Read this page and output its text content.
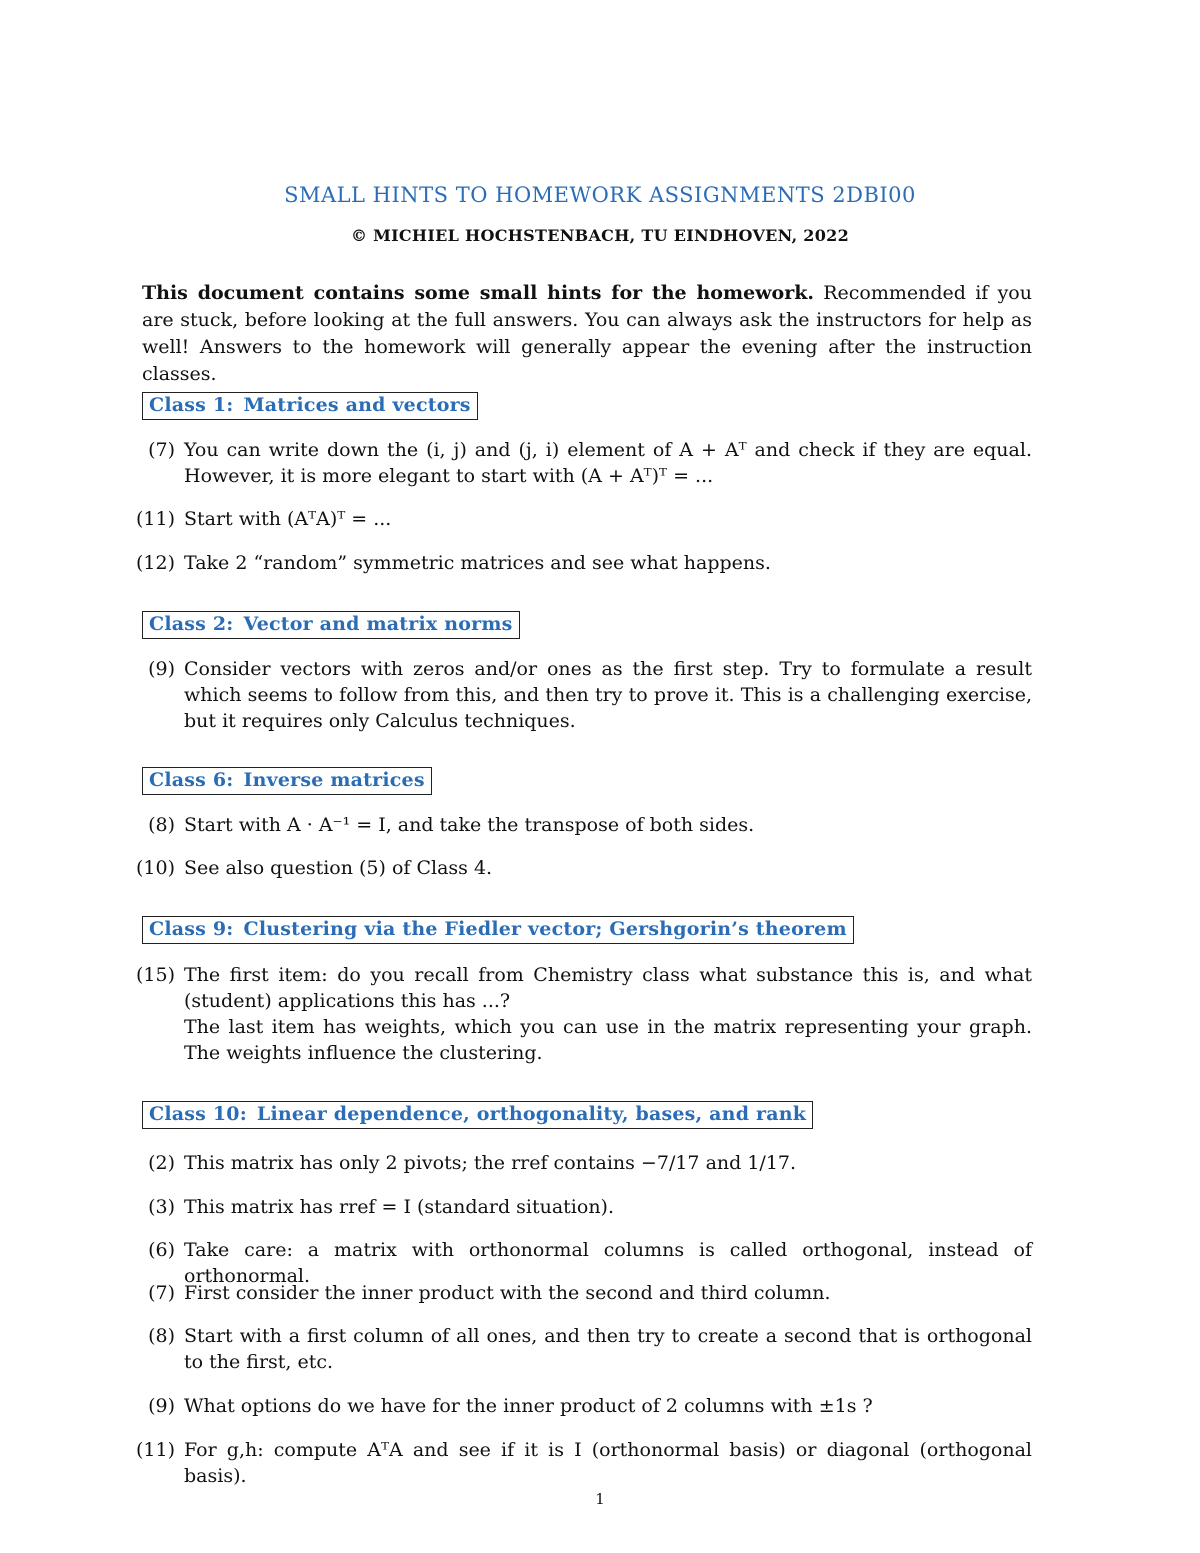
SMALL HINTS TO HOMEWORK ASSIGNMENTS 2DBI00
© MICHIEL HOCHSTENBACH, TU EINDHOVEN, 2022
This document contains some small hints for the homework. Recommended if you are stuck, before looking at the full answers. You can always ask the instructors for help as well! Answers to the homework will generally appear the evening after the instruction classes.
Class 1: Matrices and vectors
(7) You can write down the (i, j) and (j, i) element of A + Aᵀ and check if they are equal. However, it is more elegant to start with (A + Aᵀ)ᵀ = ...
(11) Start with (AᵀA)ᵀ = ...
(12) Take 2 “random” symmetric matrices and see what happens.
Class 2: Vector and matrix norms
(9) Consider vectors with zeros and/or ones as the first step. Try to formulate a result which seems to follow from this, and then try to prove it. This is a challenging exercise, but it requires only Calculus techniques.
Class 6: Inverse matrices
(8) Start with A · A⁻¹ = I, and take the transpose of both sides.
(10) See also question (5) of Class 4.
Class 9: Clustering via the Fiedler vector; Gershgorin’s theorem
(15) The first item: do you recall from Chemistry class what substance this is, and what (student) applications this has ...?
The last item has weights, which you can use in the matrix representing your graph. The weights influence the clustering.
Class 10: Linear dependence, orthogonality, bases, and rank
(2) This matrix has only 2 pivots; the rref contains −7/17 and 1/17.
(3) This matrix has rref = I (standard situation).
(6) Take care: a matrix with orthonormal columns is called orthogonal, instead of orthonormal.
(7) First consider the inner product with the second and third column.
(8) Start with a first column of all ones, and then try to create a second that is orthogonal to the first, etc.
(9) What options do we have for the inner product of 2 columns with ±1s ?
(11) For g,h: compute AᵀA and see if it is I (orthonormal basis) or diagonal (orthogonal basis).
1
